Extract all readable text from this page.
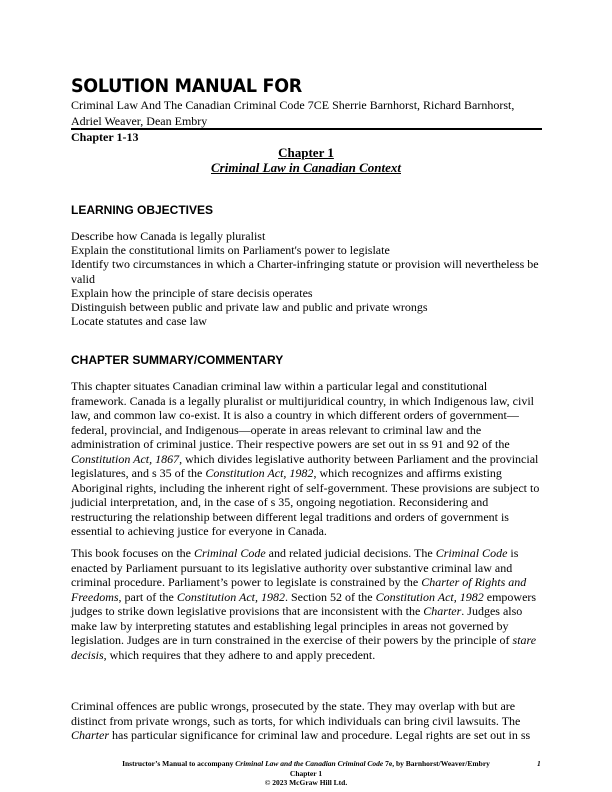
SOLUTION MANUAL FOR
Criminal Law And The Canadian Criminal Code 7CE Sherrie Barnhorst, Richard Barnhorst, Adriel Weaver, Dean Embry
Chapter 1-13
Chapter 1
Criminal Law in Canadian Context
LEARNING OBJECTIVES
Describe how Canada is legally pluralist
Explain the constitutional limits on Parliament's power to legislate
Identify two circumstances in which a Charter-infringing statute or provision will nevertheless be valid
Explain how the principle of stare decisis operates
Distinguish between public and private law and public and private wrongs
Locate statutes and case law
CHAPTER SUMMARY/COMMENTARY
This chapter situates Canadian criminal law within a particular legal and constitutional framework. Canada is a legally pluralist or multijuridical country, in which Indigenous law, civil law, and common law co-exist. It is also a country in which different orders of government—federal, provincial, and Indigenous—operate in areas relevant to criminal law and the administration of criminal justice. Their respective powers are set out in ss 91 and 92 of the Constitution Act, 1867, which divides legislative authority between Parliament and the provincial legislatures, and s 35 of the Constitution Act, 1982, which recognizes and affirms existing Aboriginal rights, including the inherent right of self-government. These provisions are subject to judicial interpretation, and, in the case of s 35, ongoing negotiation. Reconsidering and restructuring the relationship between different legal traditions and orders of government is essential to achieving justice for everyone in Canada.
This book focuses on the Criminal Code and related judicial decisions. The Criminal Code is enacted by Parliament pursuant to its legislative authority over substantive criminal law and criminal procedure. Parliament’s power to legislate is constrained by the Charter of Rights and Freedoms, part of the Constitution Act, 1982. Section 52 of the Constitution Act, 1982 empowers judges to strike down legislative provisions that are inconsistent with the Charter. Judges also make law by interpreting statutes and establishing legal principles in areas not governed by legislation. Judges are in turn constrained in the exercise of their powers by the principle of stare decisis, which requires that they adhere to and apply precedent.
Criminal offences are public wrongs, prosecuted by the state. They may overlap with but are distinct from private wrongs, such as torts, for which individuals can bring civil lawsuits. The Charter has particular significance for criminal law and procedure. Legal rights are set out in ss
Instructor’s Manual to accompany Criminal Law and the Canadian Criminal Code 7e, by Barnhorst/Weaver/Embry	1
Chapter 1
© 2023 McGraw Hill Ltd.
